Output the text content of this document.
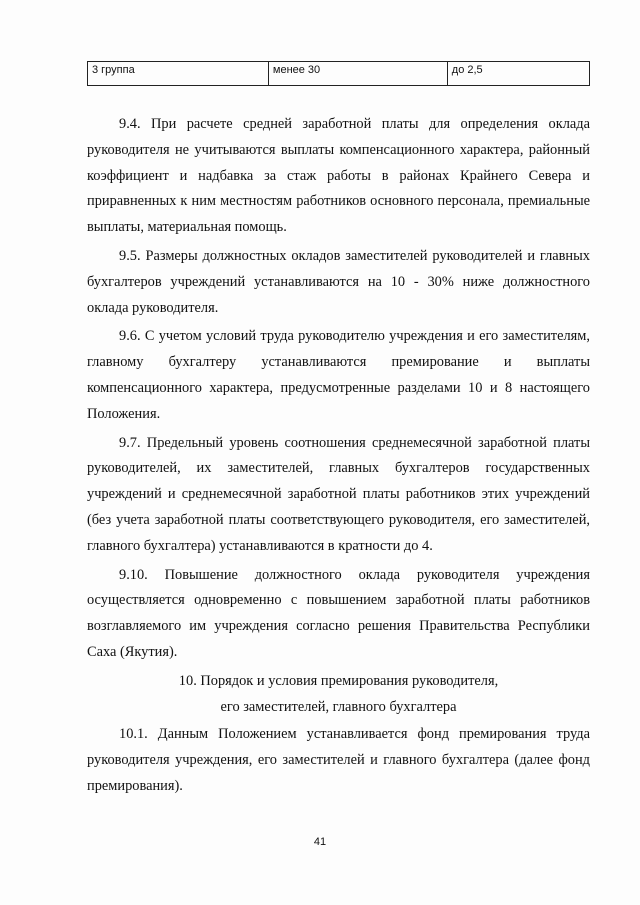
3 группа	менее 30	до 2,5

9.4. При расчете средней заработной платы для определения оклада руководителя не учитываются выплаты компенсационного характера, районный коэффициент и надбавка за стаж работы в районах Крайнего Севера и приравненных к ним местностям работников основного персонала, премиальные выплаты, материальная помощь.

9.5. Размеры должностных окладов заместителей руководителей и главных бухгалтеров учреждений устанавливаются на 10 - 30% ниже должностного оклада руководителя.

9.6. С учетом условий труда руководителю учреждения и его заместителям, главному бухгалтеру устанавливаются премирование и выплаты компенсационного характера, предусмотренные разделами 10 и 8 настоящего Положения.

9.7. Предельный уровень соотношения среднемесячной заработной платы руководителей, их заместителей, главных бухгалтеров государственных учреждений и среднемесячной заработной платы работников этих учреждений (без учета заработной платы соответствующего руководителя, его заместителей, главного бухгалтера) устанавливаются в кратности до 4.

9.10. Повышение должностного оклада руководителя учреждения осуществляется одновременно с повышением заработной платы работников возглавляемого им учреждения согласно решения Правительства Республики Саха (Якутия).

10. Порядок и условия премирования руководителя,

его заместителей, главного бухгалтера

10.1. Данным Положением устанавливается фонд премирования труда руководителя учреждения, его заместителей и главного бухгалтера (далее фонд премирования).

41
